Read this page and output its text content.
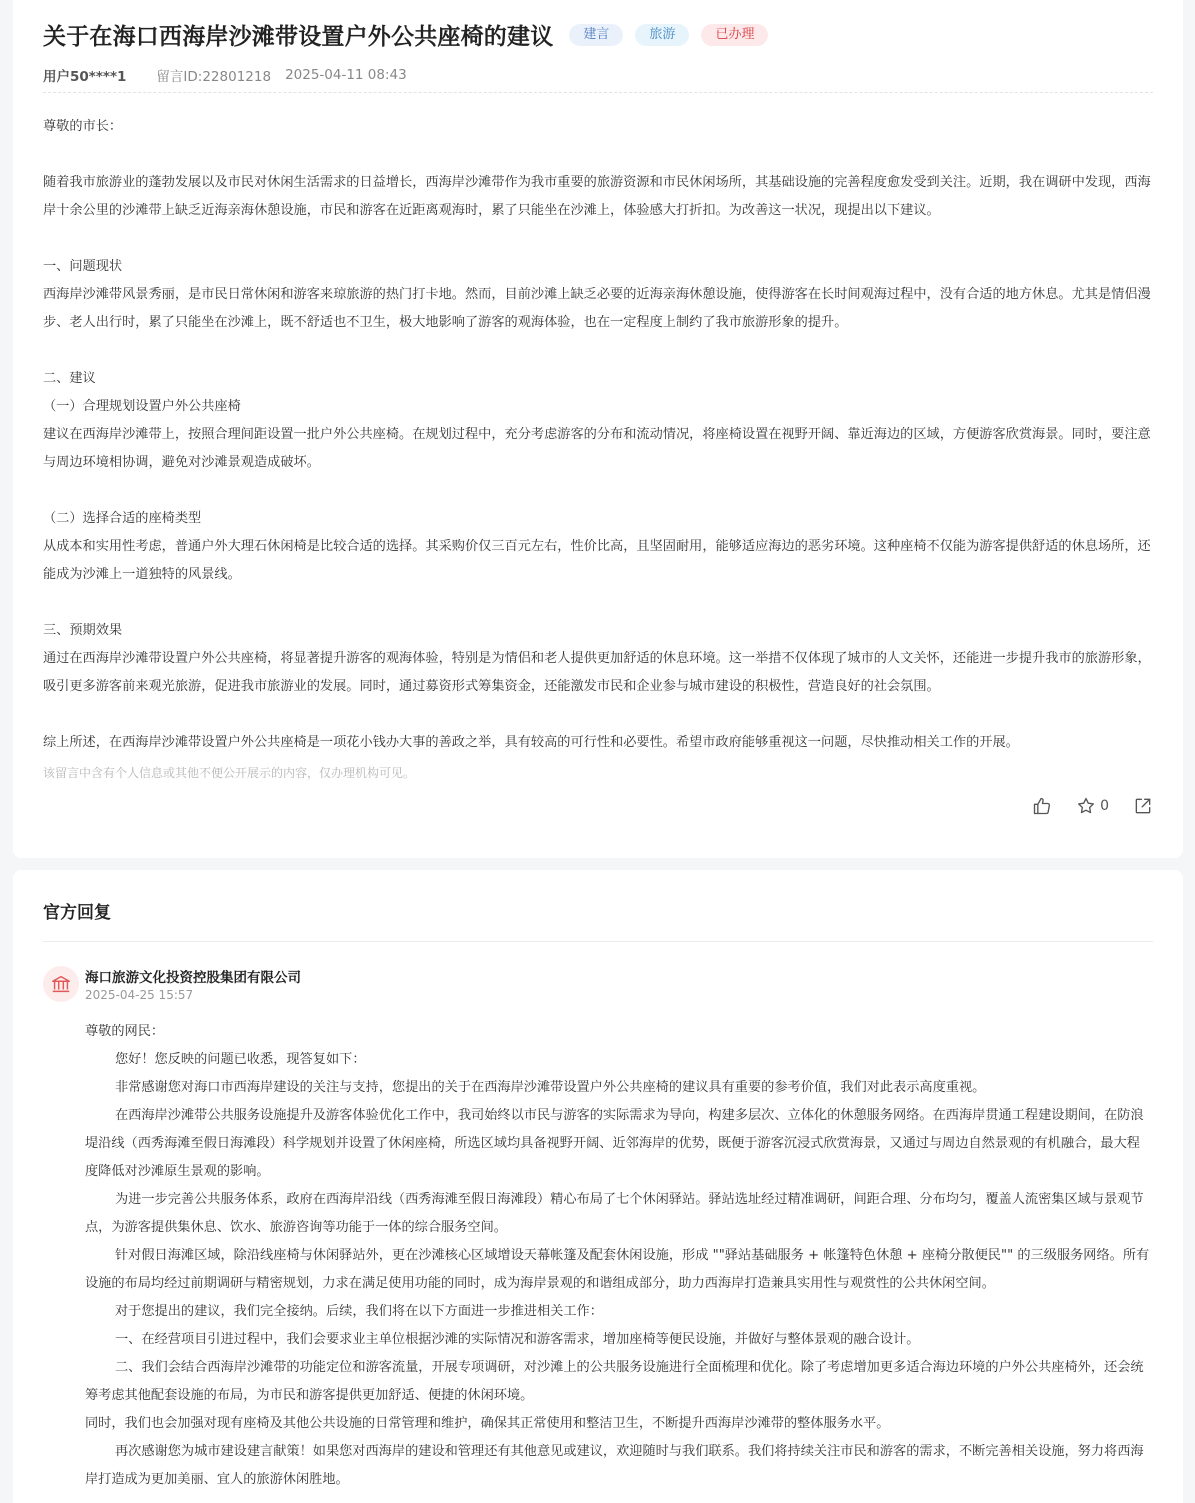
关于在海口西海岸沙滩带设置户外公共座椅的建议	建言	旅游	已办理
用户50****1 留言ID:22801218 2025-04-11 08:43

尊敬的市长：

随着我市旅游业的蓬勃发展以及市民对休闲生活需求的日益增长，西海岸沙滩带作为我市重要的旅游资源和市民休闲场所，其基础设施的完善程度愈发受到关注。近期，我在调研中发现，西海岸十余公里的沙滩带上缺乏近海亲海休憩设施，市民和游客在近距离观海时，累了只能坐在沙滩上，体验感大打折扣。为改善这一状况，现提出以下建议。

一、问题现状

西海岸沙滩带风景秀丽，是市民日常休闲和游客来琼旅游的热门打卡地。然而，目前沙滩上缺乏必要的近海亲海休憩设施，使得游客在长时间观海过程中，没有合适的地方休息。尤其是情侣漫步、老人出行时，累了只能坐在沙滩上，既不舒适也不卫生，极大地影响了游客的观海体验，也在一定程度上制约了我市旅游形象的提升。

二、建议

（一）合理规划设置户外公共座椅

建议在西海岸沙滩带上，按照合理间距设置一批户外公共座椅。在规划过程中，充分考虑游客的分布和流动情况，将座椅设置在视野开阔、靠近海边的区域，方便游客欣赏海景。同时，要注意与周边环境相协调，避免对沙滩景观造成破坏。

（二）选择合适的座椅类型

从成本和实用性考虑，普通户外大理石休闲椅是比较合适的选择。其采购价仅三百元左右，性价比高，且坚固耐用，能够适应海边的恶劣环境。这种座椅不仅能为游客提供舒适的休息场所，还能成为沙滩上一道独特的风景线。

三、预期效果

通过在西海岸沙滩带设置户外公共座椅，将显著提升游客的观海体验，特别是为情侣和老人提供更加舒适的休息环境。这一举措不仅体现了城市的人文关怀，还能进一步提升我市的旅游形象，吸引更多游客前来观光旅游，促进我市旅游业的发展。同时，通过募资形式筹集资金，还能激发市民和企业参与城市建设的积极性，营造良好的社会氛围。

综上所述，在西海岸沙滩带设置户外公共座椅是一项花小钱办大事的善政之举，具有较高的可行性和必要性。希望市政府能够重视这一问题，尽快推动相关工作的开展。

该留言中含有个人信息或其他不便公开展示的内容，仅办理机构可见。
0
官方回复
海口旅游文化投资控股集团有限公司
2025-04-25 15:57

尊敬的网民：

您好！您反映的问题已收悉，现答复如下：

非常感谢您对海口市西海岸建设的关注与支持，您提出的关于在西海岸沙滩带设置户外公共座椅的建议具有重要的参考价值，我们对此表示高度重视。

在西海岸沙滩带公共服务设施提升及游客体验优化工作中，我司始终以市民与游客的实际需求为导向，构建多层次、立体化的休憩服务网络。在西海岸贯通工程建设期间，在防浪堤沿线（西秀海滩至假日海滩段）科学规划并设置了休闲座椅，所选区域均具备视野开阔、近邻海岸的优势，既便于游客沉浸式欣赏海景，又通过与周边自然景观的有机融合，最大程度降低对沙滩原生景观的影响。

为进一步完善公共服务体系，政府在西海岸沿线（西秀海滩至假日海滩段）精心布局了七个休闲驿站。驿站选址经过精准调研，间距合理、分布均匀，覆盖人流密集区域与景观节点，为游客提供集休息、饮水、旅游咨询等功能于一体的综合服务空间。

针对假日海滩区域，除沿线座椅与休闲驿站外，更在沙滩核心区域增设天幕帐篷及配套休闲设施，形成 ""驿站基础服务 + 帐篷特色休憩 + 座椅分散便民"" 的三级服务网络。所有设施的布局均经过前期调研与精密规划，力求在满足使用功能的同时，成为海岸景观的和谐组成部分，助力西海岸打造兼具实用性与观赏性的公共休闲空间。

对于您提出的建议，我们完全接纳。后续，我们将在以下方面进一步推进相关工作：

一、在经营项目引进过程中，我们会要求业主单位根据沙滩的实际情况和游客需求，增加座椅等便民设施，并做好与整体景观的融合设计。

二、我们会结合西海岸沙滩带的功能定位和游客流量，开展专项调研，对沙滩上的公共服务设施进行全面梳理和优化。除了考虑增加更多适合海边环境的户外公共座椅外，还会统筹考虑其他配套设施的布局，为市民和游客提供更加舒适、便捷的休闲环境。

同时，我们也会加强对现有座椅及其他公共设施的日常管理和维护，确保其正常使用和整洁卫生，不断提升西海岸沙滩带的整体服务水平。

再次感谢您为城市建设建言献策！如果您对西海岸的建设和管理还有其他意见或建议，欢迎随时与我们联系。我们将持续关注市民和游客的需求，不断完善相关设施，努力将西海岸打造成为更加美丽、宜人的旅游休闲胜地。
